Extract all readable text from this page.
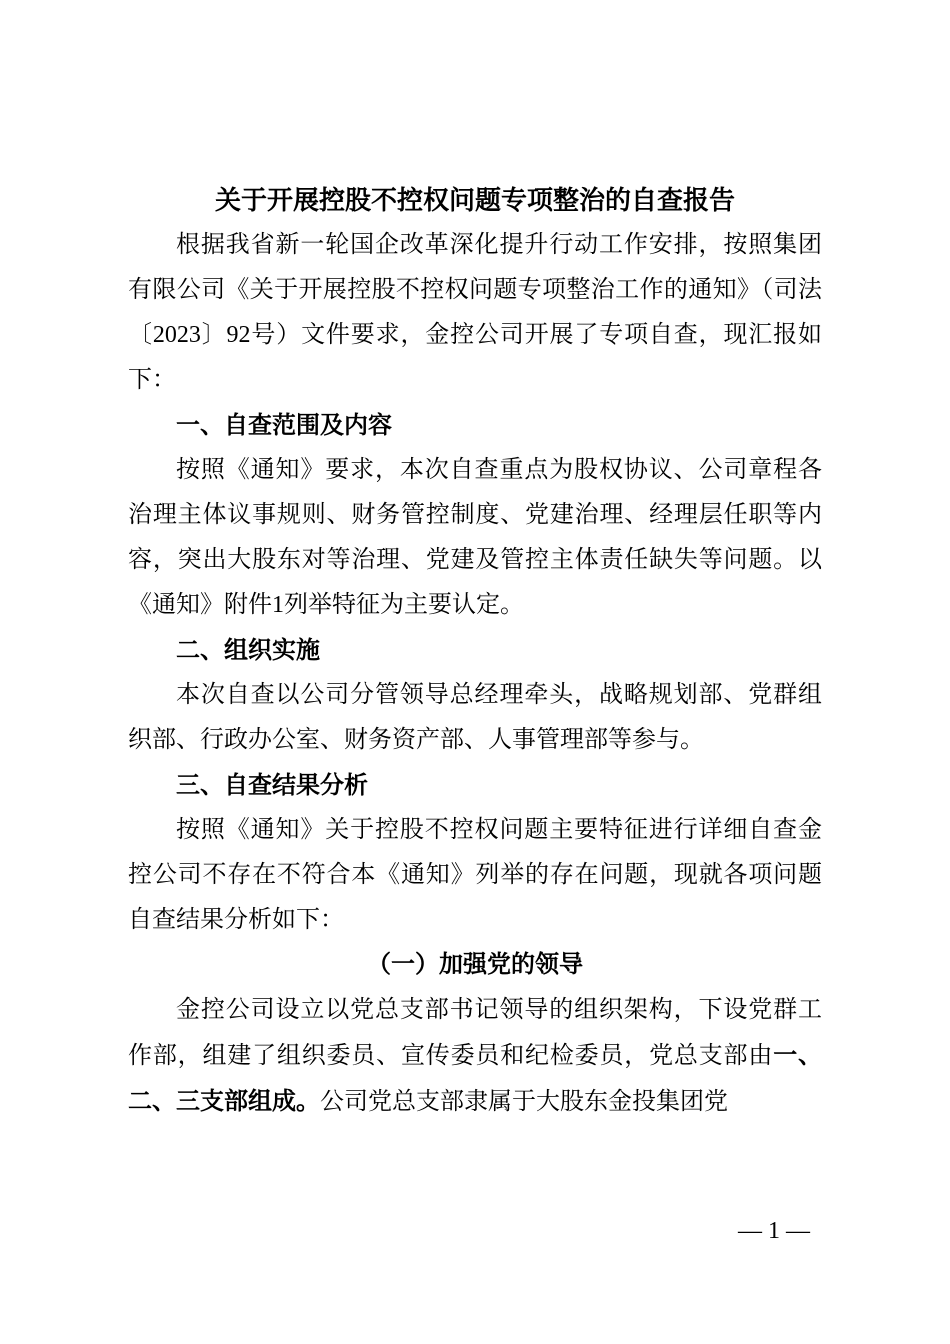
关于开展控股不控权问题专项整治的自查报告

根据我省新一轮国企改革深化提升行动工作安排，按照集团有限公司《关于开展控股不控权问题专项整治工作的通知》（司法〔2023〕92号）文件要求，金控公司开展了专项自查，现汇报如下：

一、自查范围及内容

按照《通知》要求，本次自查重点为股权协议、公司章程各治理主体议事规则、财务管控制度、党建治理、经理层任职等内容，突出大股东对等治理、党建及管控主体责任缺失等问题。以《通知》附件1列举特征为主要认定。

二、组织实施

本次自查以公司分管领导总经理牵头，战略规划部、党群组织部、行政办公室、财务资产部、人事管理部等参与。

三、自查结果分析

按照《通知》关于控股不控权问题主要特征进行详细自查金控公司不存在不符合本《通知》列举的存在问题，现就各项问题自查结果分析如下：

（一）加强党的领导

金控公司设立以党总支部书记领导的组织架构，下设党群工作部，组建了组织委员、宣传委员和纪检委员，党总支部由一、二、三支部组成。公司党总支部隶属于大股东金投集团党

— 1 —
